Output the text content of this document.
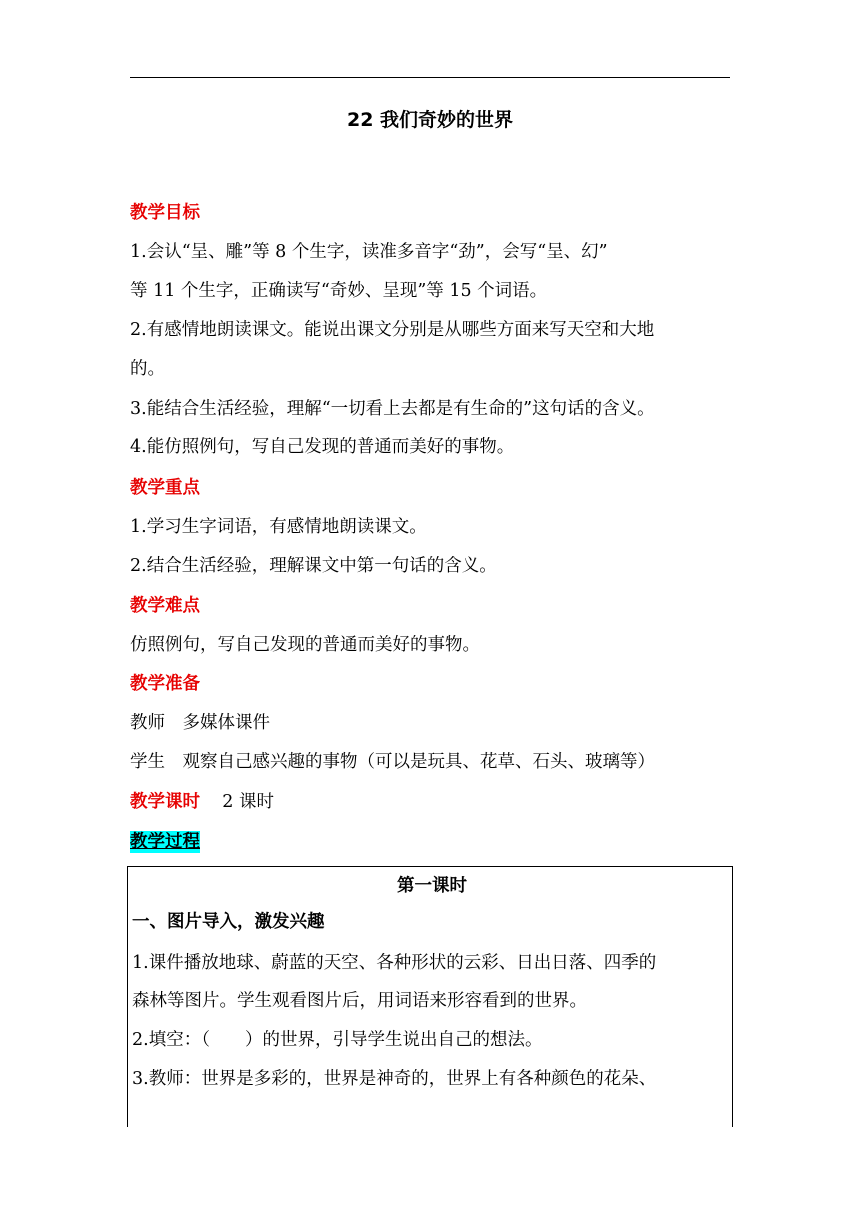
22 我们奇妙的世界
教学目标
1.会认“呈、雕”等 8 个生字，读准多音字“劲”，会写“呈、幻”
等 11 个生字，正确读写“奇妙、呈现”等 15 个词语。
2.有感情地朗读课文。能说出课文分别是从哪些方面来写天空和大地
的。
3.能结合生活经验，理解“一切看上去都是有生命的”这句话的含义。
4.能仿照例句，写自己发现的普通而美好的事物。
教学重点
1.学习生字词语，有感情地朗读课文。
2.结合生活经验，理解课文中第一句话的含义。
教学难点
仿照例句，写自己发现的普通而美好的事物。
教学准备
教师　多媒体课件
学生　观察自己感兴趣的事物（可以是玩具、花草、石头、玻璃等）
教学课时 2 课时
教学过程
第一课时
一、图片导入，激发兴趣
1.课件播放地球、蔚蓝的天空、各种形状的云彩、日出日落、四季的
森林等图片。学生观看图片后，用词语来形容看到的世界。
2.填空：（　　）的世界，引导学生说出自己的想法。
3.教师：世界是多彩的，世界是神奇的，世界上有各种颜色的花朵、
